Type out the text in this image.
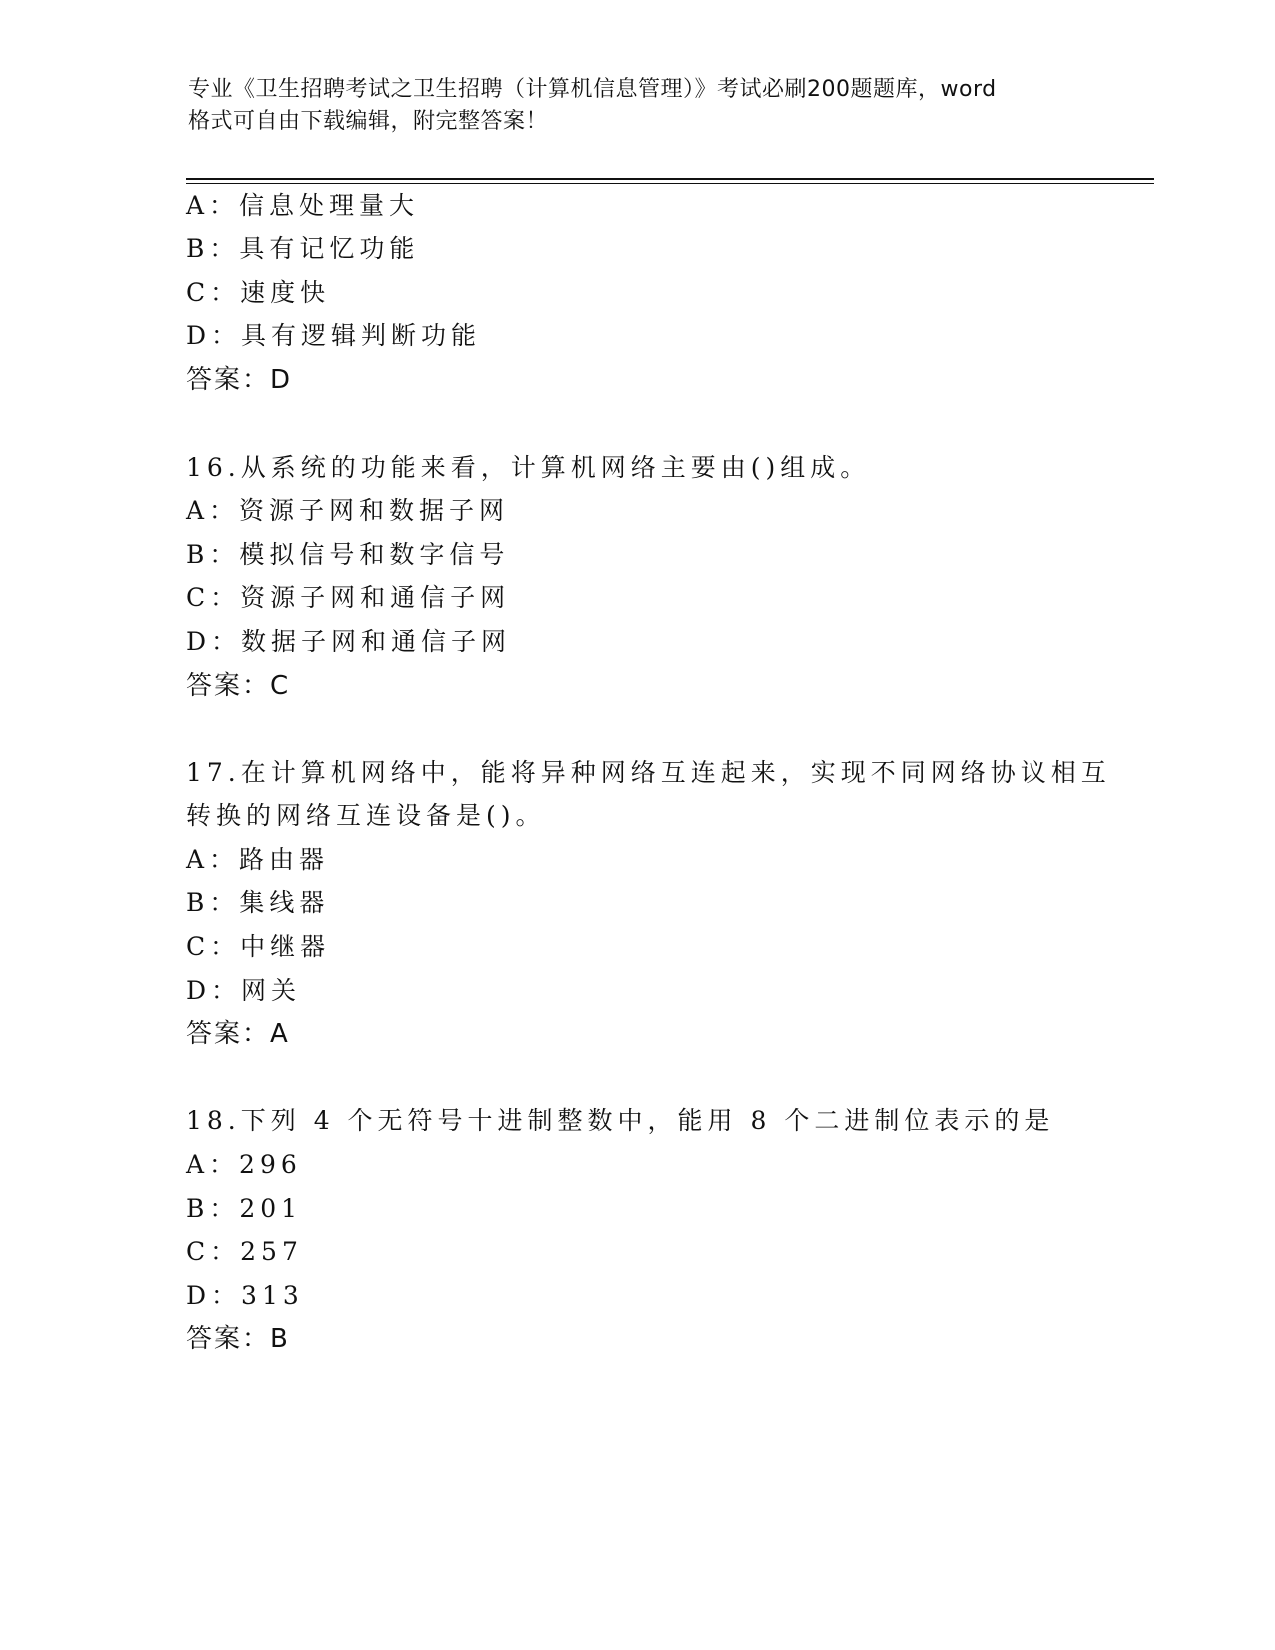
专业《卫生招聘考试之卫生招聘（计算机信息管理）》考试必刷200题题库，word
格式可自由下载编辑，附完整答案！
A：信息处理量大
B：具有记忆功能
C：速度快
D：具有逻辑判断功能
答案：D
16.从系统的功能来看，计算机网络主要由()组成。
A：资源子网和数据子网
B：模拟信号和数字信号
C：资源子网和通信子网
D：数据子网和通信子网
答案：C
17.在计算机网络中，能将异种网络互连起来，实现不同网络协议相互
转换的网络互连设备是()。
A：路由器
B：集线器
C：中继器
D：网关
答案：A
18.下列 4 个无符号十进制整数中，能用 8 个二进制位表示的是
A：296
B：201
C：257
D：313
答案：B
